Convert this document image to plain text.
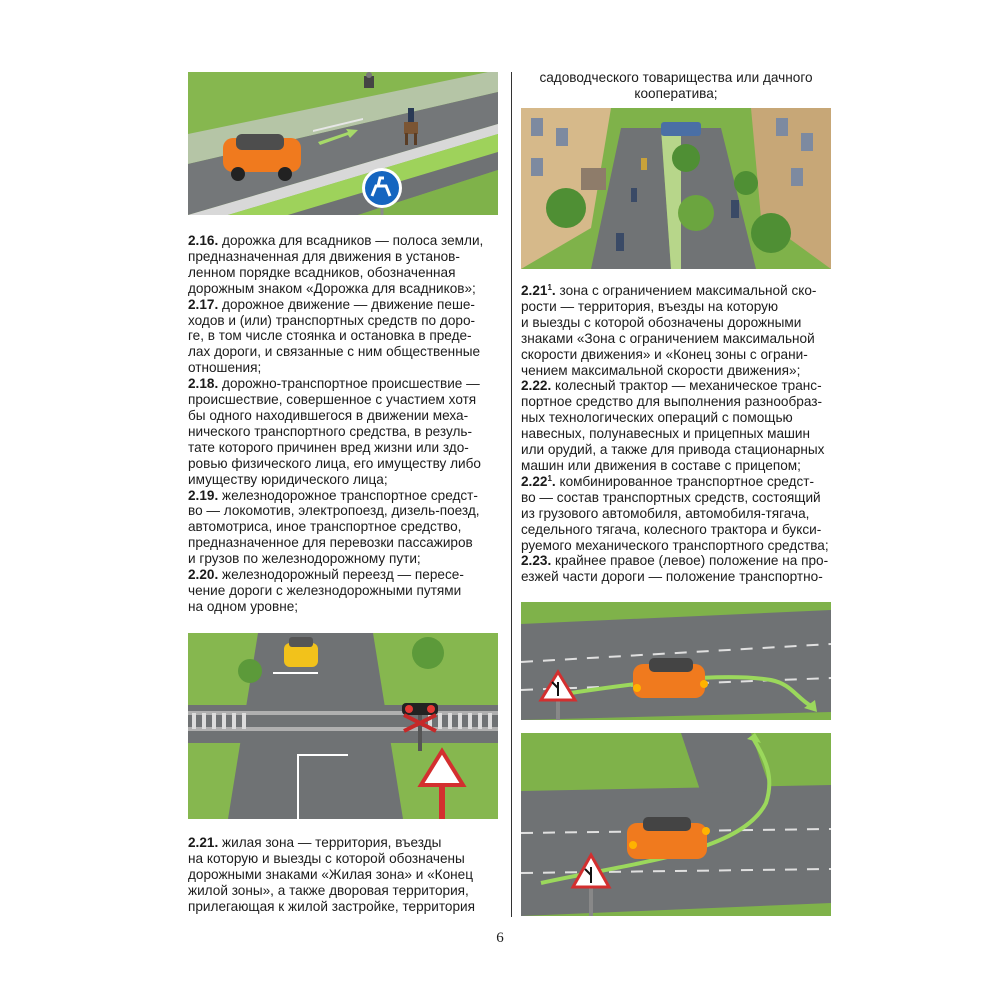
2.16. дорожка для всадников — полоса земли,

предназначенная для движения в установ-

ленном порядке всадников, обозначенная

дорожным знаком «Дорожка для всадников»;

2.17. дорожное движение — движение пеше-

ходов и (или) транспортных средств по доро-

ге, в том числе стоянка и остановка в преде-

лах дороги, и связанные с ним общественные

отношения;

2.18. дорожно-транспортное происшествие —

происшествие, совершенное с участием хотя

бы одного находившегося в движении меха-

нического транспортного средства, в резуль-

тате которого причинен вред жизни или здо-

ровью физического лица, его имуществу либо

имуществу юридического лица;

2.19. железнодорожное транспортное средст-

во — локомотив, электропоезд, дизель-поезд,

автомотриса, иное транспортное средство,

предназначенное для перевозки пассажиров

и грузов по железнодорожному пути;

2.20. железнодорожный переезд — пересе-

чение дороги с железнодорожными путями

на одном уровне;

2.21. жилая зона — территория, въезды

на которую и выезды с которой обозначены

дорожными знаками «Жилая зона» и «Конец

жилой зоны», а также дворовая территория,

прилегающая к жилой застройке, территория

садоводческого товарищества или дачного

кооператива;

2.21$^1$. зона с ограничением максимальной ско-

рости — территория, въезды на которую

и выезды с которой обозначены дорожными

знаками «Зона с ограничением максимальной

скорости движения» и «Конец зоны с ограни-

чением максимальной скорости движения»;

2.22. колесный трактор — механическое транс-

портное средство для выполнения разнообраз-

ных технологических операций с помощью

навесных, полунавесных и прицепных машин

или орудий, а также для привода стационарных

машин или движения в составе с прицепом;

2.22$^1$. комбинированное транспортное средст-

во — состав транспортных средств, состоящий

из грузового автомобиля, автомобиля-тягача,

седельного тягача, колесного трактора и букси-

руемого механического транспортного средства;

2.23. крайнее правое (левое) положение на про-

езжей части дороги — положение транспортно-

6
